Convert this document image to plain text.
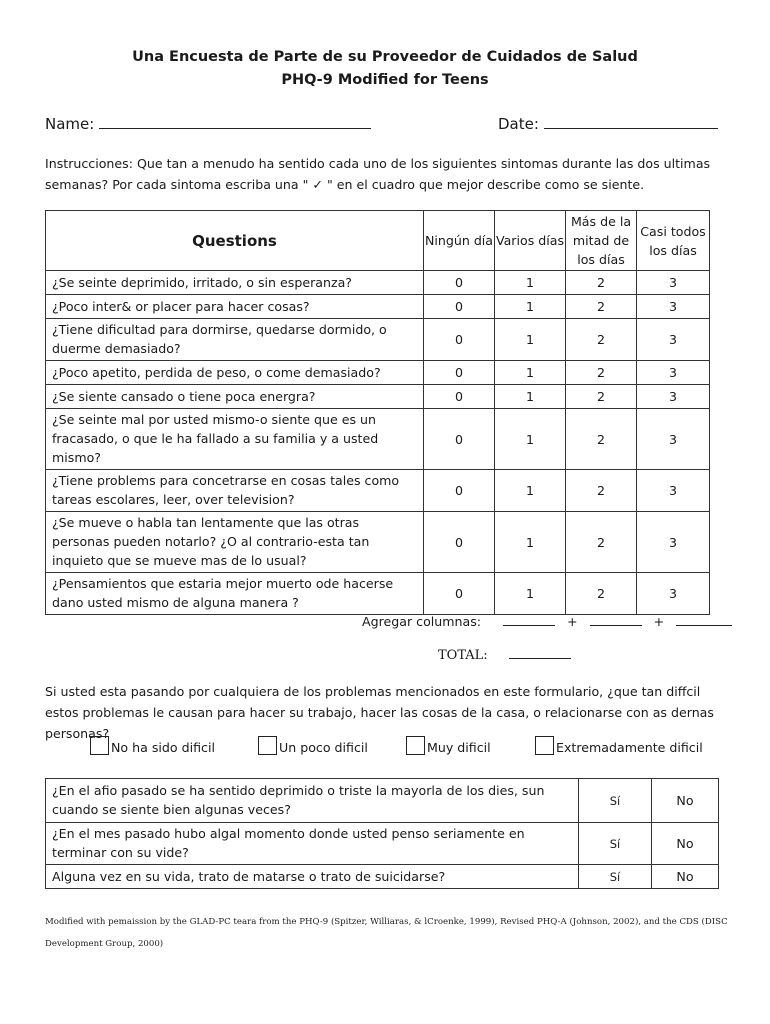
Una Encuesta de Parte de su Proveedor de Cuidados de Salud
PHQ-9 Modified for Teens
Name:	Date:
Instrucciones: Que tan a menudo ha sentido cada uno de los siguientes sintomas durante las dos ultimas semanas? Por cada sintoma escriba una " ✓ " en el cuadro que mejor describe como se siente.
Questions	Ningún día	Varios días	Más de la mitad de los días	Casi todos los días
¿Se seinte deprimido, irritado, o sin esperanza?	0	1	2	3
¿Poco inter& or placer para hacer cosas?	0	1	2	3
¿Tiene dificultad para dormirse, quedarse dormido, o duerme demasiado?	0	1	2	3
¿Poco apetito, perdida de peso, o come demasiado?	0	1	2	3
¿Se siente cansado o tiene poca energra?	0	1	2	3
¿Se seinte mal por usted mismo-o siente que es un fracasado, o que le ha fallado a su familia y a usted mismo?	0	1	2	3
¿Tiene problems para concetrarse en cosas tales como tareas escolares, leer, over television?	0	1	2	3
¿Se mueve o habla tan lentamente que las otras personas pueden notarlo? ¿O al contrario-esta tan inquieto que se mueve mas de lo usual?	0	1	2	3
¿Pensamientos que estaria mejor muerto ode hacerse dano usted mismo de alguna manera ?	0	1	2	3
Agregar columnas:	+	+
TOTAL:
Si usted esta pasando por cualquiera de los problemas mencionados en este formulario, ¿que tan diffcil estos problemas le causan para hacer su trabajo, hacer las cosas de la casa, o relacionarse con as dernas personas?
No ha sido dificil	Un poco dificil	Muy dificil	Extremadamente dificil
¿En el afio pasado se ha sentido deprimido o triste la mayorla de los dies, sun cuando se siente bien algunas veces?	Sí	No
¿En el mes pasado hubo algal momento donde usted penso seriamente en terminar con su vide?	Sí	No
Alguna vez en su vida, trato de matarse o trato de suicidarse?	Sí	No
Modified with pemaission by the GLAD-PC teara from the PHQ-9 (Spitzer, Williaras, & lCroenke, 1999), Revised PHQ-A (Johnson, 2002), and the CDS (DISC Development Group, 2000)
